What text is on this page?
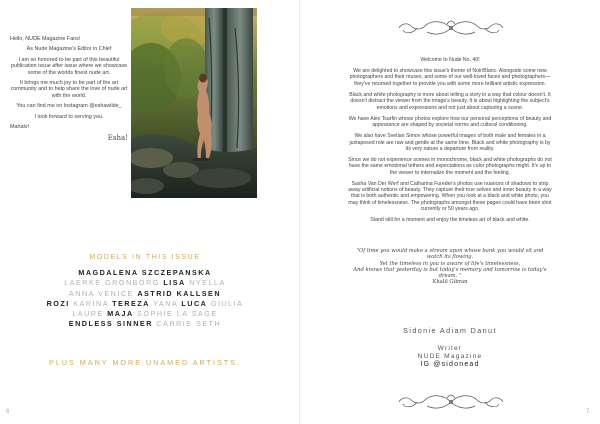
Hello, NUDE Magazine Fans!

As Nude Magazine's Editor in Chief

I am so honored to be part of this beautiful publication issue after issue where we showcase some of the worlds finest nude art.

It brings me much joy to be part of the art community and to help share the love of nude art with the world.

You can find me on Instagram @eshawilde_

I look forward to serving you.

Mahalo!

Esha!

MODELS IN THIS ISSUE
MAGDALENA SZCZEPANSKA
LAERKE GRONBORG LISA NYELLA
ANNA VENICE ASTRID KALLSEN
ROZI KARINA TEREZA YANA LUCA GIULIA
LAURE MAJA SOPHIE LA SAGE
ENDLESS SINNER CARRIE SETH
PLUS MANY MORE UNAMED ARTISTS.
6

Welcome to Nude No. 40!

We are delighted to showcase this issue's theme of Noir/Blanc. Alongside some new photographers and their muses, and some of our well-loved faces and photographers—they've returned together to provide you with some more brilliant artistic expression.

Black and white photography is more about telling a story in a way that colour doesn't. It doesn't distract the viewer from the image's beauty. It is about highlighting the subject's emotions and expressions and not just about capturing a scene.

We have Alex Tsarfin whose photos explore how our personal perceptions of beauty and appearance are shaped by societal norms and cultural conditioning.

We also have Svetlan Simov whose powerful images of both male and females in a juxtaposed role are raw and gentle at the same time. Black and white photography is by its very nature a departure from reality.

Since we do not experience scenes in monochrome, black and white photographs do not have the same emotional tethers and expectations as color photographs might. It's up to the viewer to internalize the moment and the feeling.

Sasha Van Der Werf and Catharina Fureder's photos use nuances of shadows to strip away artificial notions of beauty. They capture their true selves and inner beauty in a way that is both authentic and empowering. When you look at a black and white photo, you may think of timelessness. The photographs amongst these pages could have been shot currently or 50 years ago.

Stand still for a moment and enjoy the timeless art of black and white.

"Of time you would make a stream upon whose bank you would sit and watch its flowing.
Yet the timeless in you is aware of life's timelessness,
And knows that yesterday is but today's memory and tomorrow is today's dream. "
Khalil Gibran
Sidonie Adiam Danut
Writer
NUDE Magazine
IG @sidonead
7
